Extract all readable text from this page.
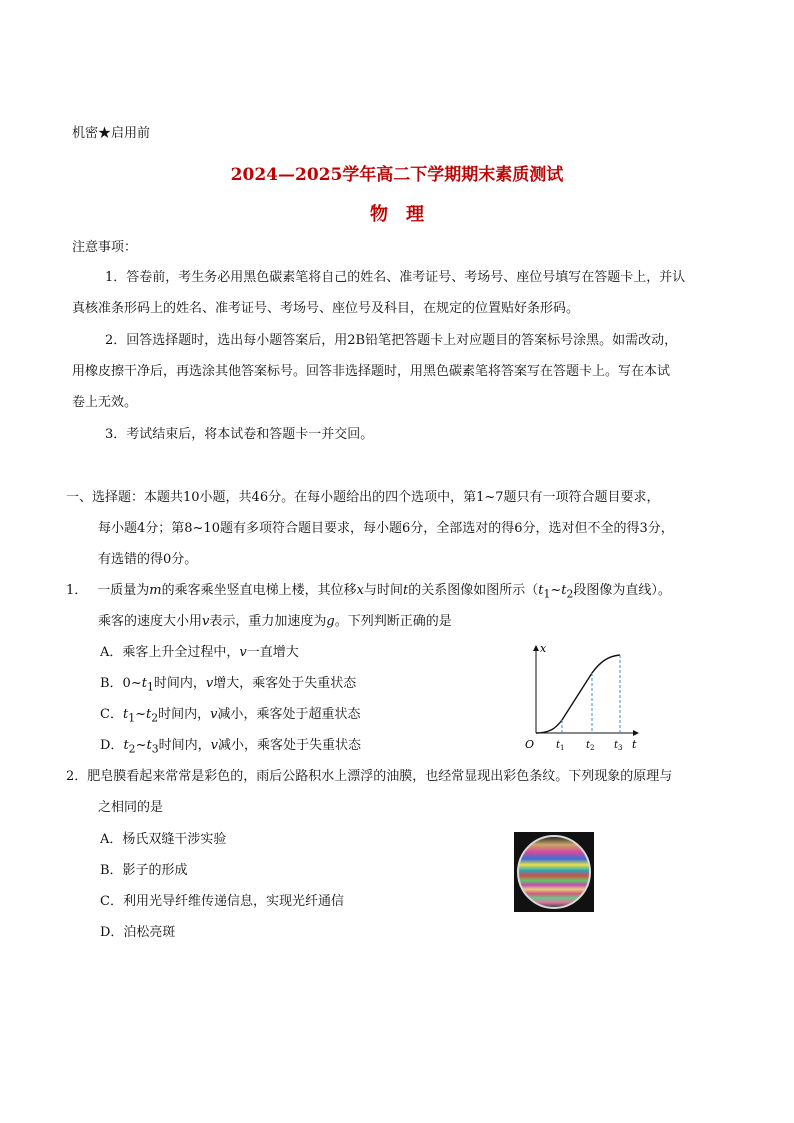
机密★启用前
2024—2025学年高二下学期期末素质测试
物　理
注意事项：
1．答卷前，考生务必用黑色碳素笔将自己的姓名、准考证号、考场号、座位号填写在答题卡上，并认
真核准条形码上的姓名、准考证号、考场号、座位号及科目，在规定的位置贴好条形码。
2．回答选择题时，选出每小题答案后，用2B铅笔把答题卡上对应题目的答案标号涂黑。如需改动，
用橡皮擦干净后，再选涂其他答案标号。回答非选择题时，用黑色碳素笔将答案写在答题卡上。写在本试
卷上无效。
3．考试结束后，将本试卷和答题卡一并交回。
一、选择题：本题共10小题，共46分。在每小题给出的四个选项中，第1~7题只有一项符合题目要求，
每小题4分；第8~10题有多项符合题目要求，每小题6分，全部选对的得6分，选对但不全的得3分，
有选错的得0分。
1． 一质量为m的乘客乘坐竖直电梯上楼，其位移x与时间t的关系图像如图所示（$t_1\sim t_2$段图像为直线）。
乘客的速度大小用v表示，重力加速度为g。下列判断正确的是
A．乘客上升全过程中，v一直增大
B．$0\sim t_1$时间内，v增大，乘客处于失重状态
C．$t_1\sim t_2$时间内，v减小，乘客处于超重状态
D．$t_2\sim t_3$时间内，v减小，乘客处于失重状态
x
t
O $t_1$ $t_2$ $t_3$
2．肥皂膜看起来常常是彩色的，雨后公路积水上漂浮的油膜，也经常显现出彩色条纹。下列现象的原理与
之相同的是
A．杨氏双缝干涉实验
B．影子的形成
C．利用光导纤维传递信息，实现光纤通信
D．泊松亮斑
